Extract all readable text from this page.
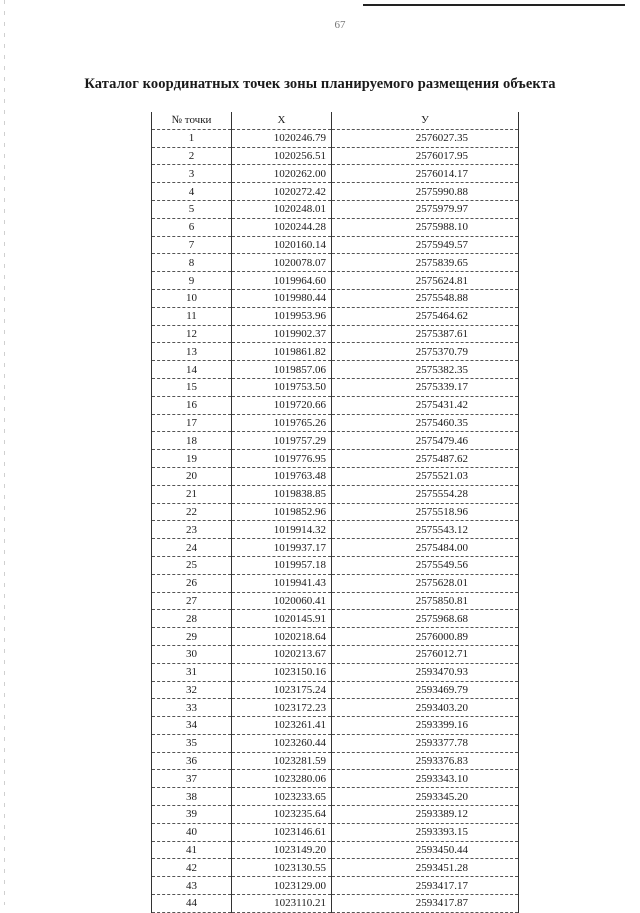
67
Каталог координатных точек зоны планируемого размещения объекта
№ точки	X	У
1	1020246.79	2576027.35
2	1020256.51	2576017.95
3	1020262.00	2576014.17
4	1020272.42	2575990.88
5	1020248.01	2575979.97
6	1020244.28	2575988.10
7	1020160.14	2575949.57
8	1020078.07	2575839.65
9	1019964.60	2575624.81
10	1019980.44	2575548.88
11	1019953.96	2575464.62
12	1019902.37	2575387.61
13	1019861.82	2575370.79
14	1019857.06	2575382.35
15	1019753.50	2575339.17
16	1019720.66	2575431.42
17	1019765.26	2575460.35
18	1019757.29	2575479.46
19	1019776.95	2575487.62
20	1019763.48	2575521.03
21	1019838.85	2575554.28
22	1019852.96	2575518.96
23	1019914.32	2575543.12
24	1019937.17	2575484.00
25	1019957.18	2575549.56
26	1019941.43	2575628.01
27	1020060.41	2575850.81
28	1020145.91	2575968.68
29	1020218.64	2576000.89
30	1020213.67	2576012.71
31	1023150.16	2593470.93
32	1023175.24	2593469.79
33	1023172.23	2593403.20
34	1023261.41	2593399.16
35	1023260.44	2593377.78
36	1023281.59	2593376.83
37	1023280.06	2593343.10
38	1023233.65	2593345.20
39	1023235.64	2593389.12
40	1023146.61	2593393.15
41	1023149.20	2593450.44
42	1023130.55	2593451.28
43	1023129.00	2593417.17
44	1023110.21	2593417.87
